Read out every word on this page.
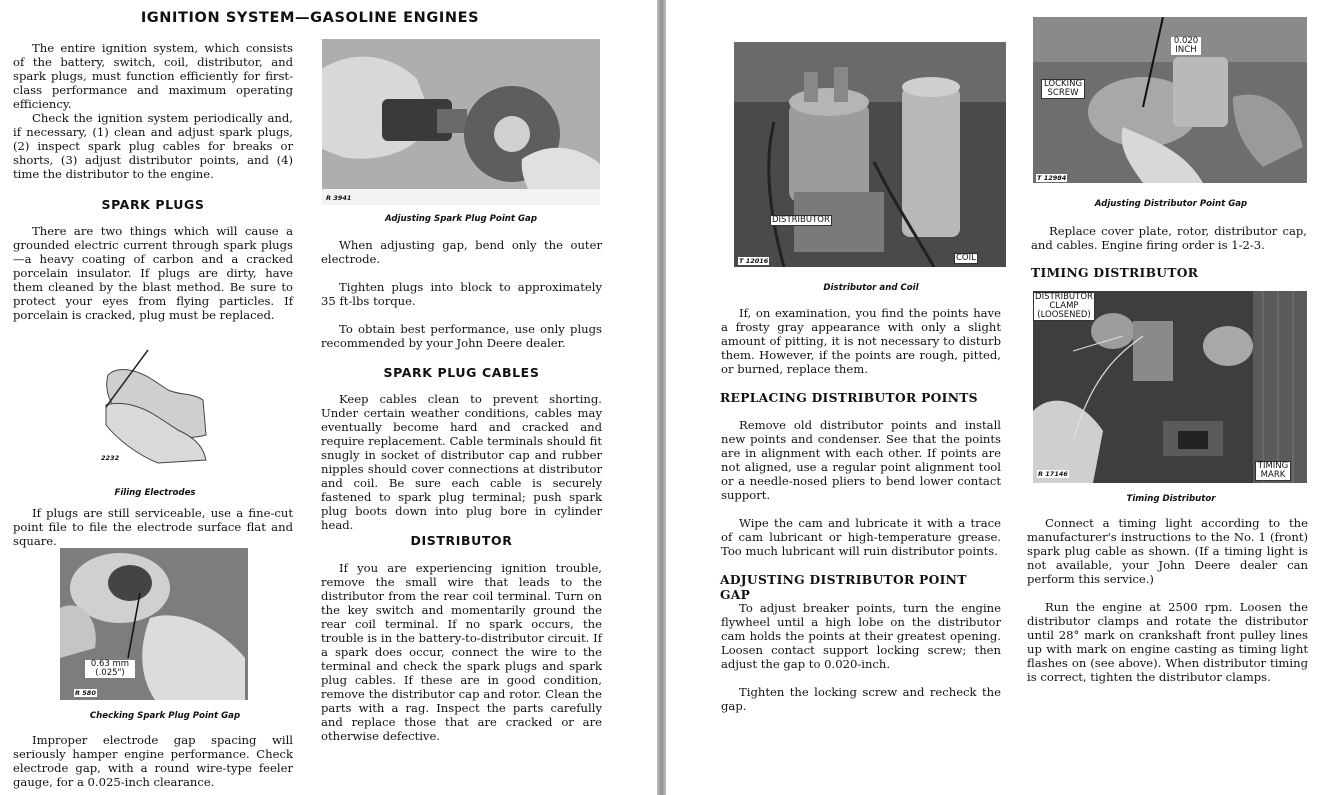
IGNITION SYSTEM—GASOLINE ENGINES

The entire ignition system, which consists of the battery, switch, coil, distributor, and spark plugs, must function efficiently for first-class performance and maximum operating efficiency.

Check the ignition system periodically and, if necessary, (1) clean and adjust spark plugs, (2) inspect spark plug cables for breaks or shorts, (3) adjust distributor points, and (4) time the distributor to the engine.

SPARK PLUGS

There are two things which will cause a grounded electric current through spark plugs—a heavy coating of carbon and a cracked porcelain insulator. If plugs are dirty, have them cleaned by the blast method. Be sure to protect your eyes from flying particles. If porcelain is cracked, plug must be replaced.

2232

Filing Electrodes

If plugs are still serviceable, use a fine-cut point file to file the electrode surface flat and square.

0.63 mm
(.025")
R 580

Checking Spark Plug Point Gap

Improper electrode gap spacing will seriously hamper engine performance. Check electrode gap, with a round wire-type feeler gauge, for a 0.025-inch clearance.

R 3941

Adjusting Spark Plug Point Gap

When adjusting gap, bend only the outer electrode.

Tighten plugs into block to approximately 35 ft-lbs torque.

To obtain best performance, use only plugs recommended by your John Deere dealer.

SPARK PLUG CABLES

Keep cables clean to prevent shorting. Under certain weather conditions, cables may eventually become hard and cracked and require replacement. Cable terminals should fit snugly in socket of distributor cap and rubber nipples should cover connections at distributor and coil. Be sure each cable is securely fastened to spark plug terminal; push spark plug boots down into plug bore in cylinder head.

DISTRIBUTOR

If you are experiencing ignition trouble, remove the small wire that leads to the distributor from the rear coil terminal. Turn on the key switch and momentarily ground the rear coil terminal. If no spark occurs, the trouble is in the battery-to-distributor circuit. If a spark does occur, connect the wire to the terminal and check the spark plugs and spark plug cables. If these are in good condition, remove the distributor cap and rotor. Clean the parts with a rag. Inspect the parts carefully and replace those that are cracked or are otherwise defective.

DISTRIBUTOR
COIL
T 12016

Distributor and Coil

If, on examination, you find the points have a frosty gray appearance with only a slight amount of pitting, it is not necessary to disturb them. However, if the points are rough, pitted, or burned, replace them.

REPLACING DISTRIBUTOR POINTS

Remove old distributor points and install new points and condenser. See that the points are in alignment with each other. If points are not aligned, use a regular point alignment tool or a needle-nosed pliers to bend lower contact support.

Wipe the cam and lubricate it with a trace of cam lubricant or high-temperature grease. Too much lubricant will ruin distributor points.

ADJUSTING DISTRIBUTOR POINT GAP

To adjust breaker points, turn the engine flywheel until a high lobe on the distributor cam holds the points at their greatest opening. Loosen contact support locking screw; then adjust the gap to 0.020-inch.

Tighten the locking screw and recheck the gap.

0.020
INCH
LOCKING
SCREW
T 12984

Adjusting Distributor Point Gap

Replace cover plate, rotor, distributor cap, and cables. Engine firing order is 1-2-3.

TIMING DISTRIBUTOR
DISTRIBUTOR
CLAMP
(LOOSENED)
TIMING
MARK
R 17146

Timing Distributor

Connect a timing light according to the manufacturer's instructions to the No. 1 (front) spark plug cable as shown. (If a timing light is not available, your John Deere dealer can perform this service.)

Run the engine at 2500 rpm. Loosen the distributor clamps and rotate the distributor until 28° mark on crankshaft front pulley lines up with mark on engine casting as timing light flashes on (see above). When distributor timing is correct, tighten the distributor clamps.
